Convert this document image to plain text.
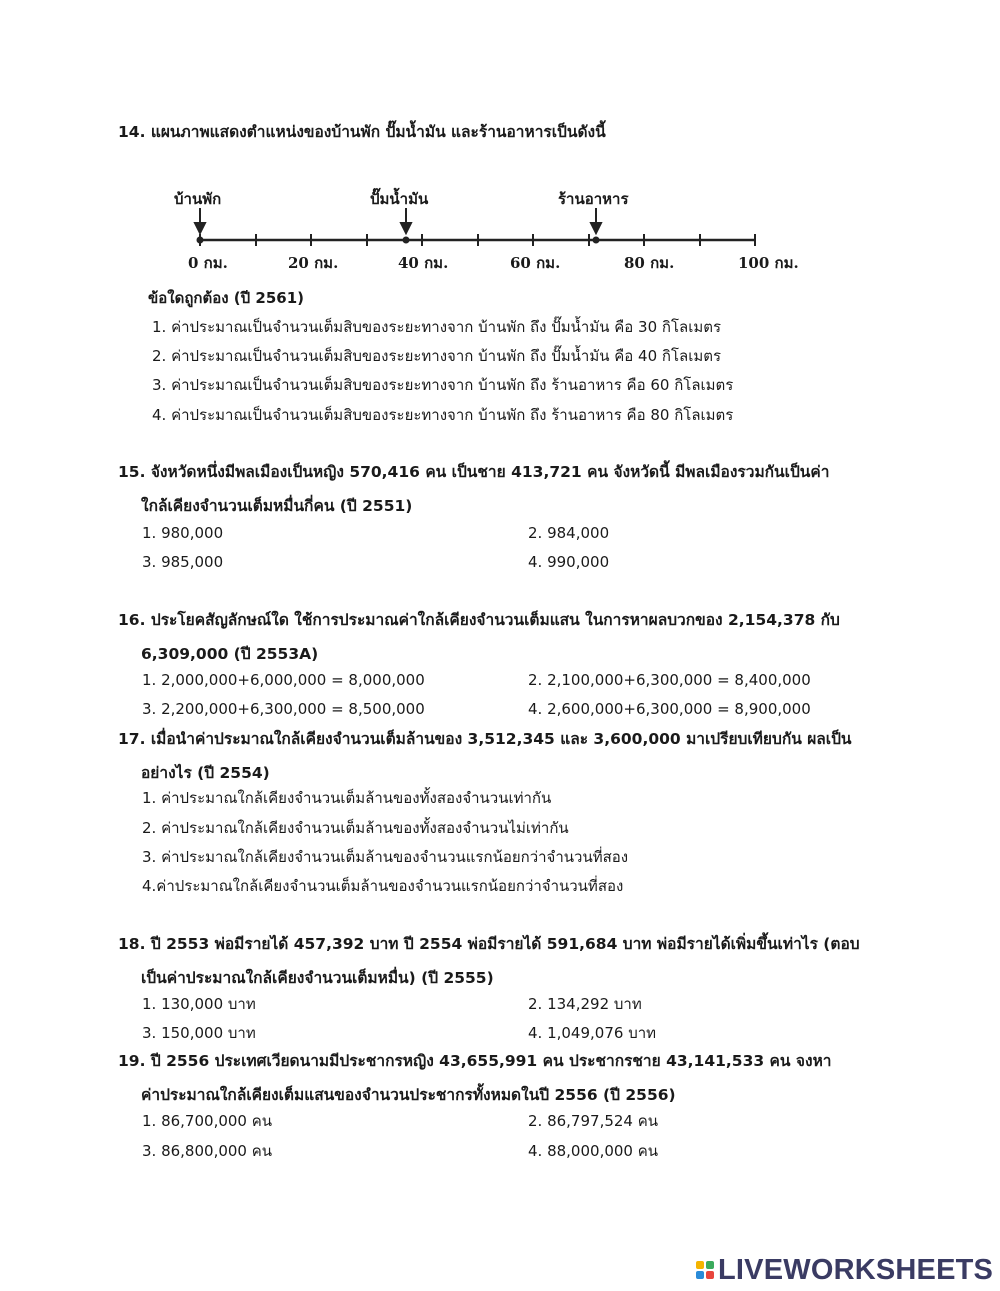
14. แผนภาพแสดงตำแหน่งของบ้านพัก ปั๊มน้ำมัน และร้านอาหารเป็นดังนี้

บ้านพัก	ปั๊มน้ำมัน	ร้านอาหาร
0 กม.	20 กม.	40 กม.	60 กม.	80 กม.	100 กม.
ข้อใดถูกต้อง (ปี 2561)
1. ค่าประมาณเป็นจำนวนเต็มสิบของระยะทางจาก บ้านพัก ถึง ปั๊มน้ำมัน คือ 30 กิโลเมตร
2. ค่าประมาณเป็นจำนวนเต็มสิบของระยะทางจาก บ้านพัก ถึง ปั๊มน้ำมัน คือ 40 กิโลเมตร
3. ค่าประมาณเป็นจำนวนเต็มสิบของระยะทางจาก บ้านพัก ถึง ร้านอาหาร คือ 60 กิโลเมตร
4. ค่าประมาณเป็นจำนวนเต็มสิบของระยะทางจาก บ้านพัก ถึง ร้านอาหาร คือ 80 กิโลเมตร

15. จังหวัดหนึ่งมีพลเมืองเป็นหญิง 570,416 คน เป็นชาย 413,721 คน จังหวัดนี้ มีพลเมืองรวมกันเป็นค่า
ใกล้เคียงจำนวนเต็มหมื่นกี่คน (ปี 2551)

1. 980,000	2. 984,000
3. 985,000	4. 990,000

16. ประโยคสัญลักษณ์ใด ใช้การประมาณค่าใกล้เคียงจำนวนเต็มแสน ในการหาผลบวกของ 2,154,378 กับ
6,309,000 (ปี 2553A)

1. 2,000,000+6,000,000 = 8,000,000	2. 2,100,000+6,300,000 = 8,400,000
3. 2,200,000+6,300,000 = 8,500,000	4. 2,600,000+6,300,000 = 8,900,000

17. เมื่อนำค่าประมาณใกล้เคียงจำนวนเต็มล้านของ 3,512,345 และ 3,600,000 มาเปรียบเทียบกัน ผลเป็น
อย่างไร (ปี 2554)

1. ค่าประมาณใกล้เคียงจำนวนเต็มล้านของทั้งสองจำนวนเท่ากัน
2. ค่าประมาณใกล้เคียงจำนวนเต็มล้านของทั้งสองจำนวนไม่เท่ากัน
3. ค่าประมาณใกล้เคียงจำนวนเต็มล้านของจำนวนแรกน้อยกว่าจำนวนที่สอง
4.ค่าประมาณใกล้เคียงจำนวนเต็มล้านของจำนวนแรกน้อยกว่าจำนวนที่สอง

18. ปี 2553 พ่อมีรายได้ 457,392 บาท ปี 2554 พ่อมีรายได้ 591,684 บาท พ่อมีรายได้เพิ่มขึ้นเท่าไร (ตอบ
เป็นค่าประมาณใกล้เคียงจำนวนเต็มหมื่น) (ปี 2555)

1. 130,000 บาท	2. 134,292 บาท
3. 150,000 บาท	4. 1,049,076 บาท

19. ปี 2556 ประเทศเวียดนามมีประชากรหญิง 43,655,991 คน ประชากรชาย 43,141,533 คน จงหา
ค่าประมาณใกล้เคียงเต็มแสนของจำนวนประชากรทั้งหมดในปี 2556 (ปี 2556)

1. 86,700,000 คน	2. 86,797,524 คน
3. 86,800,000 คน	4. 88,000,000 คน
LIVEWORKSHEETS
